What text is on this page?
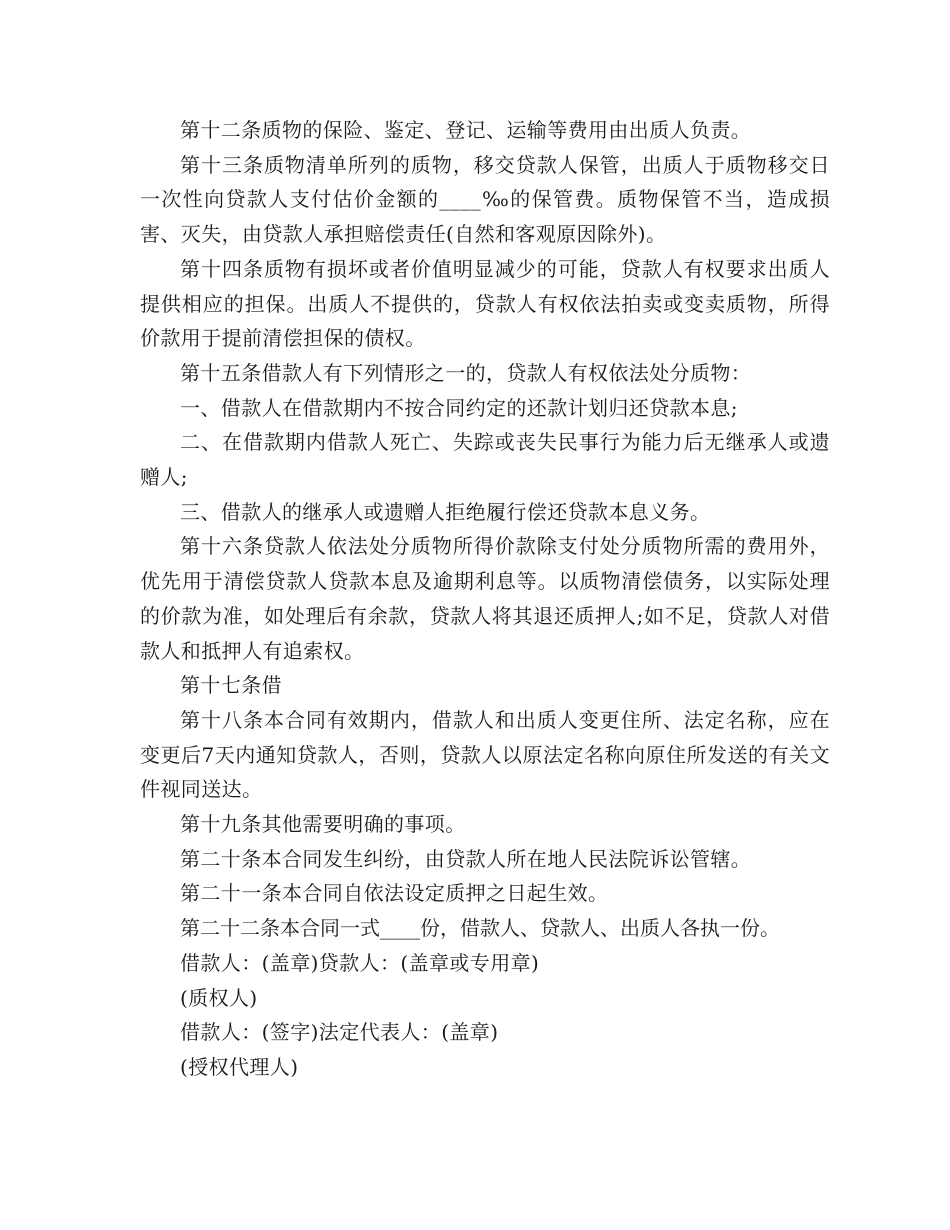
第十二条质物的保险、鉴定、登记、运输等费用由出质人负责。

第十三条质物清单所列的质物，移交贷款人保管，出质人于质物移交日一次性向贷款人支付估价金额的____‰的保管费。质物保管不当，造成损害、灭失，由贷款人承担赔偿责任(自然和客观原因除外)。

第十四条质物有损坏或者价值明显减少的可能，贷款人有权要求出质人提供相应的担保。出质人不提供的，贷款人有权依法拍卖或变卖质物，所得价款用于提前清偿担保的债权。

第十五条借款人有下列情形之一的，贷款人有权依法处分质物：

一、借款人在借款期内不按合同约定的还款计划归还贷款本息;

二、在借款期内借款人死亡、失踪或丧失民事行为能力后无继承人或遗赠人;

三、借款人的继承人或遗赠人拒绝履行偿还贷款本息义务。

第十六条贷款人依法处分质物所得价款除支付处分质物所需的费用外，优先用于清偿贷款人贷款本息及逾期利息等。以质物清偿债务，以实际处理的价款为准，如处理后有余款，贷款人将其退还质押人;如不足，贷款人对借款人和抵押人有追索权。

第十七条借

第十八条本合同有效期内，借款人和出质人变更住所、法定名称，应在变更后7天内通知贷款人，否则，贷款人以原法定名称向原住所发送的有关文件视同送达。

第十九条其他需要明确的事项。

第二十条本合同发生纠纷，由贷款人所在地人民法院诉讼管辖。

第二十一条本合同自依法设定质押之日起生效。

第二十二条本合同一式____份，借款人、贷款人、出质人各执一份。

借款人：(盖章)贷款人：(盖章或专用章)

(质权人)

借款人：(签字)法定代表人：(盖章)

(授权代理人)
